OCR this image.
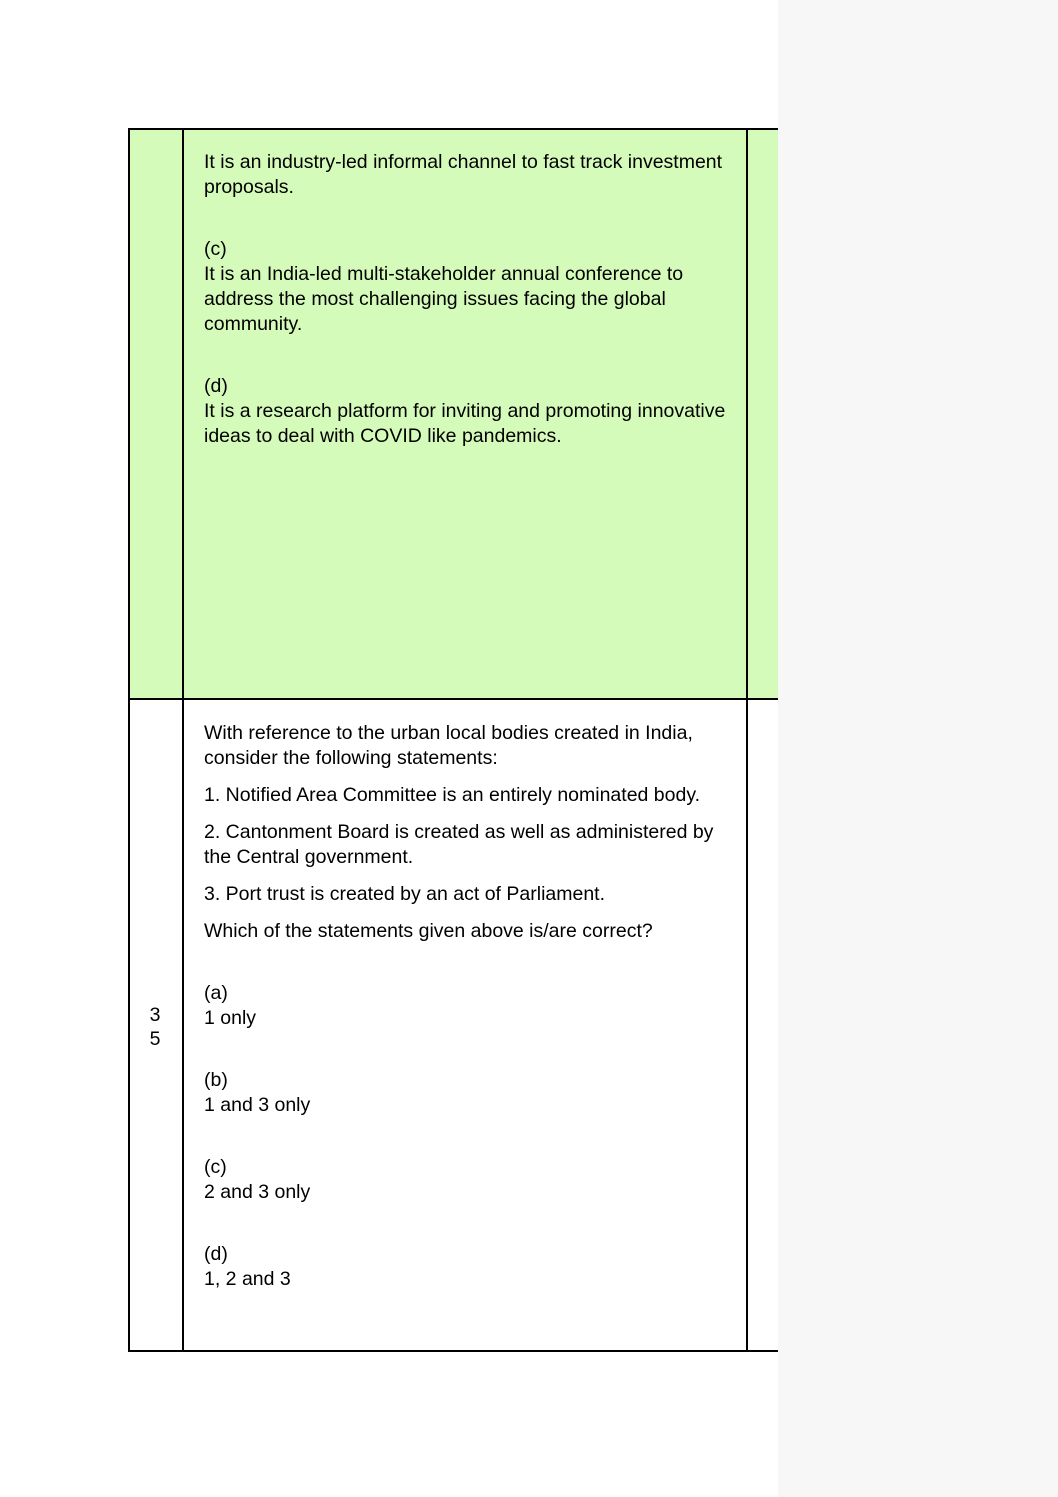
It is an industry-led informal channel to fast track investment proposals.

(c)

It is an India-led multi-stakeholder annual conference to address the most challenging issues facing the global community.

(d)

It is a research platform for inviting and promoting innovative ideas to deal with COVID like pandemics.

3
5

With reference to the urban local bodies created in India, consider the following statements:

1. Notified Area Committee is an entirely nominated body.

2. Cantonment Board is created as well as administered by the Central government.

3. Port trust is created by an act of Parliament.

Which of the statements given above is/are correct?

(a)

1 only

(b)

1 and 3 only

(c)

2 and 3 only

(d)

1, 2 and 3
